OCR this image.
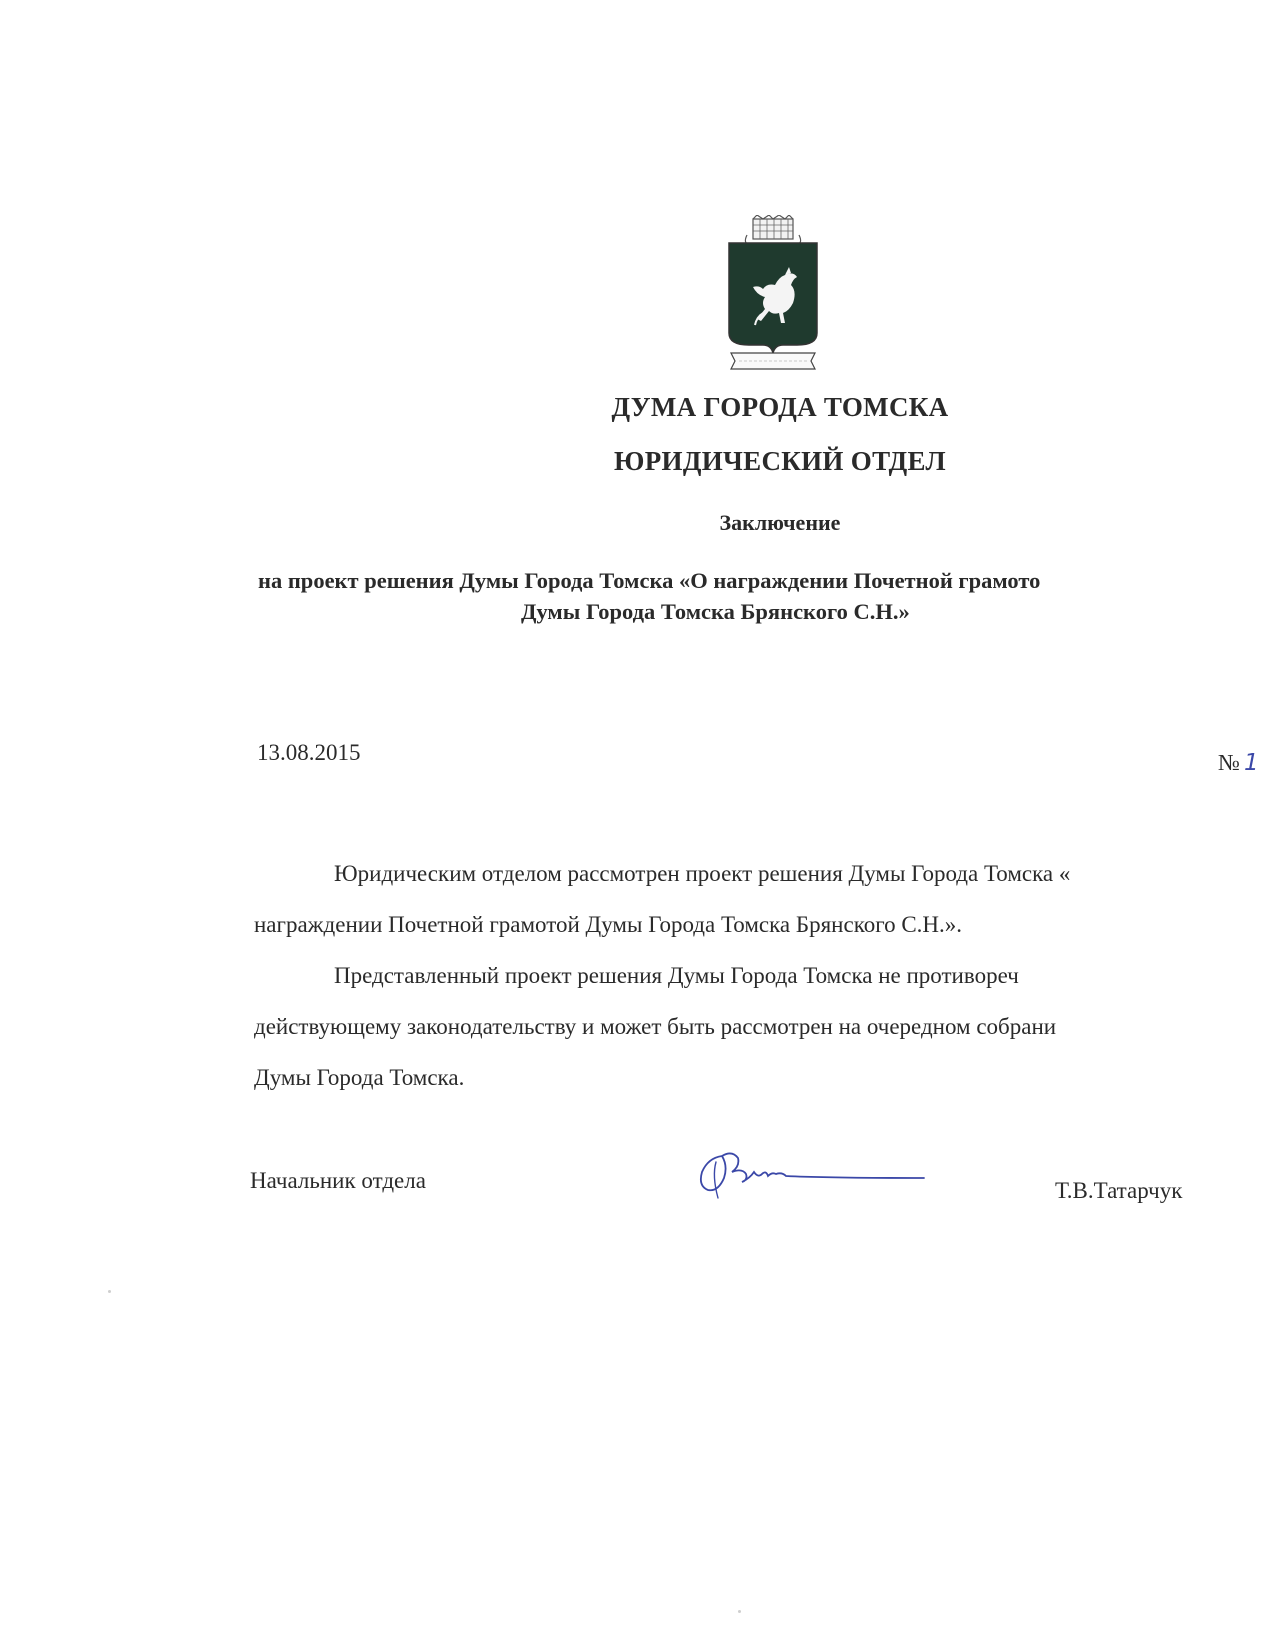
ДУМА ГОРОДА ТОМСКА
ЮРИДИЧЕСКИЙ ОТДЕЛ
Заключение
на проект решения Думы Города Томска «О награждении Почетной грамото
Думы Города Томска Брянского С.Н.»
13.08.2015	№ 1

Юридическим отделом рассмотрен проект решения Думы Города Томска «

награждении Почетной грамотой Думы Города Томска Брянского С.Н.».

Представленный проект решения Думы Города Томска не противореч

действующему законодательству и может быть рассмотрен на очередном собрани

Думы Города Томска.

Начальник отдела	Т.В.Татарчук
